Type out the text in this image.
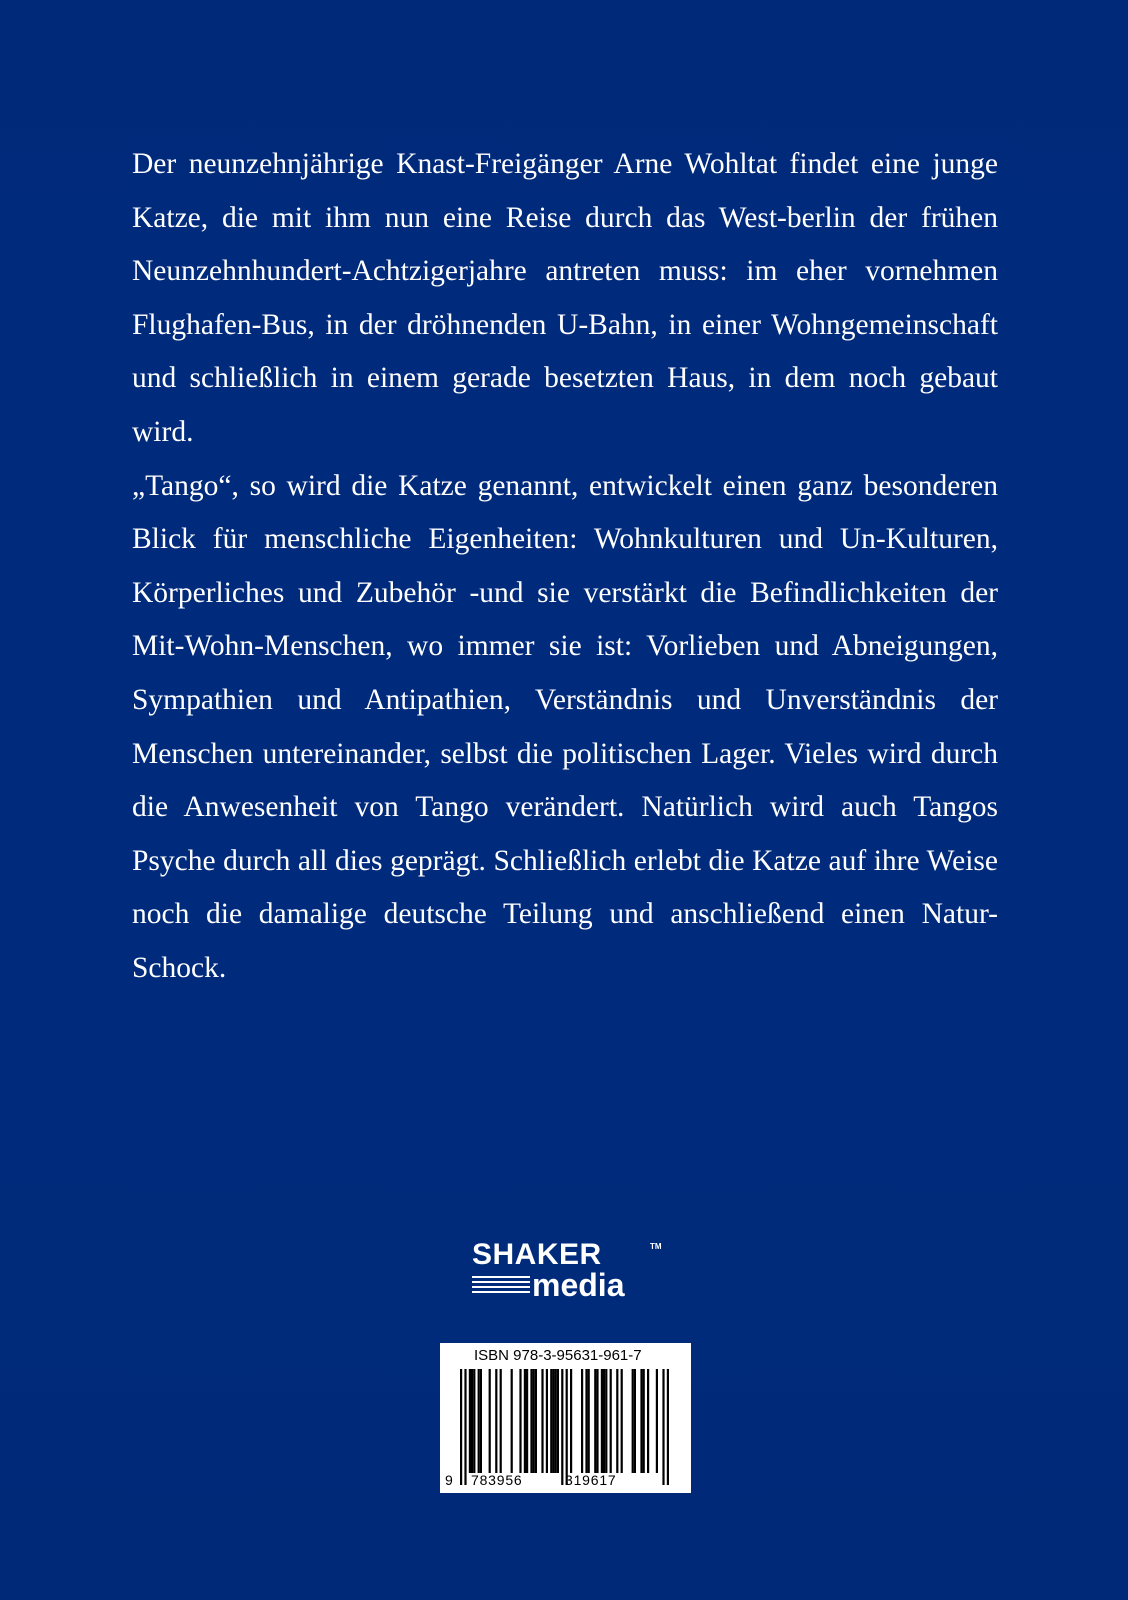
Der neunzehnjährige Knast-Freigänger Arne Wohltat findet eine junge Katze, die mit ihm nun eine Reise durch das West-berlin der frühen Neunzehnhundert-Achtzigerjahre antreten muss: im eher vornehmen Flughafen-Bus, in der dröhnenden U-Bahn, in einer Wohngemeinschaft und schließlich in einem gerade besetzten Haus, in dem noch gebaut wird.

„Tango“, so wird die Katze genannt, entwickelt einen ganz besonderen Blick für menschliche Eigenheiten: Wohnkulturen und Un-Kulturen, Körperliches und Zubehör -und sie verstärkt die Befindlichkeiten der Mit-Wohn-Menschen, wo immer sie ist: Vorlieben und Abneigungen, Sympathien und Antipathien, Verständnis und Unverständnis der Menschen untereinander, selbst die politischen Lager. Vieles wird durch die Anwesenheit von Tango verändert. Natürlich wird auch Tangos Psyche durch all dies geprägt. Schließlich erlebt die Katze auf ihre Weise noch die damalige deutsche Teilung und anschließend einen Natur-Schock.

SHAKER	TM
media
ISBN 978-3-95631-961-7
9 783956	319617
